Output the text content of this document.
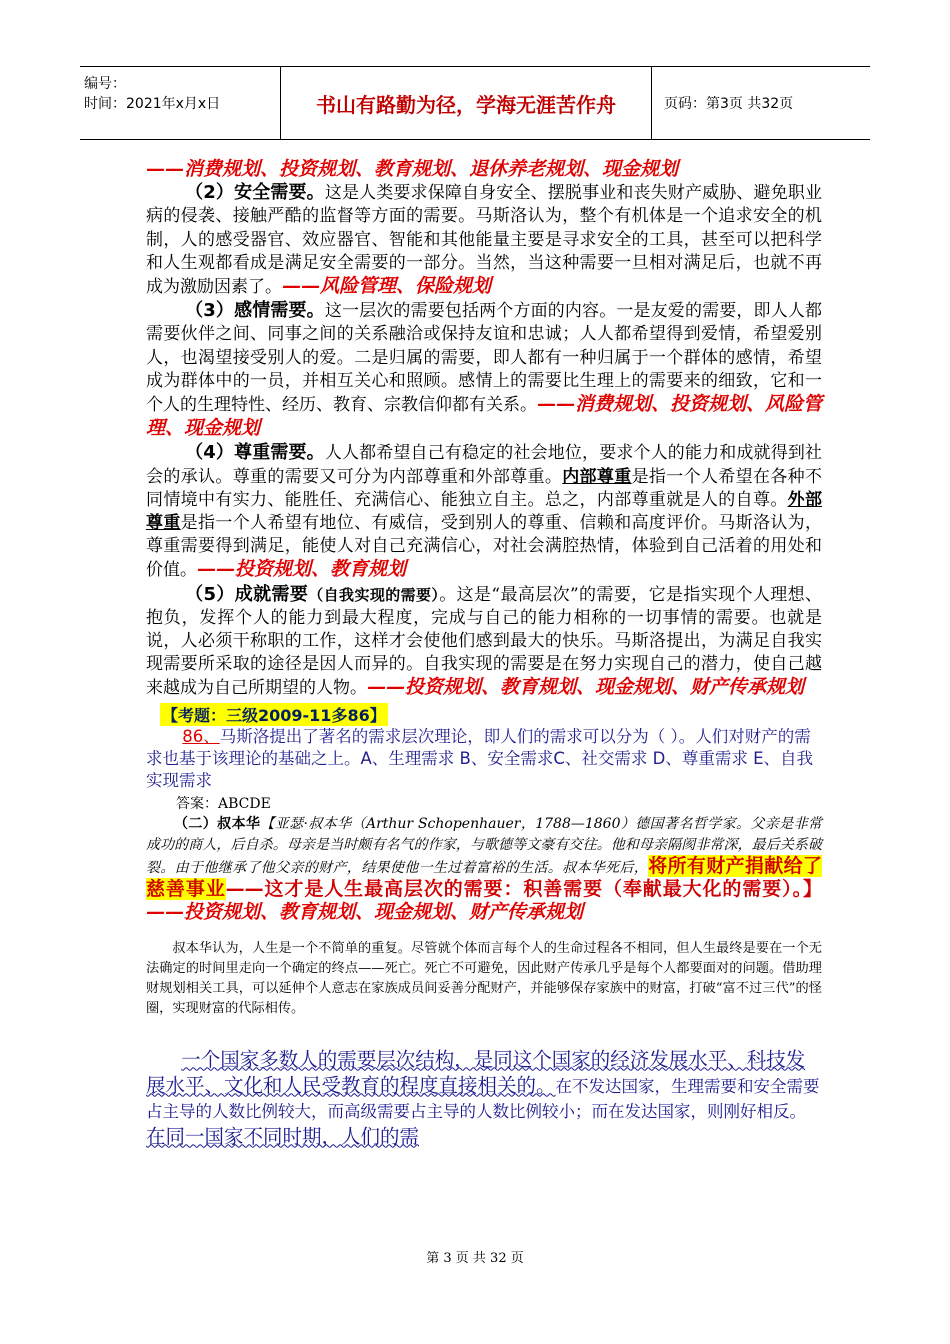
编号：
时间：2021年x月x日	书山有路勤为径，学海无涯苦作舟	页码：第3页 共32页

——消费规划、投资规划、教育规划、退休养老规划、现金规划

（2）安全需要。这是人类要求保障自身安全、摆脱事业和丧失财产威胁、避免职业病的侵袭、接触严酷的监督等方面的需要。马斯洛认为，整个有机体是一个追求安全的机制，人的感受器官、效应器官、智能和其他能量主要是寻求安全的工具，甚至可以把科学和人生观都看成是满足安全需要的一部分。当然，当这种需要一旦相对满足后，也就不再成为激励因素了。——风险管理、保险规划

（3）感情需要。这一层次的需要包括两个方面的内容。一是友爱的需要，即人人都需要伙伴之间、同事之间的关系融洽或保持友谊和忠诚；人人都希望得到爱情，希望爱别人，也渴望接受别人的爱。二是归属的需要，即人都有一种归属于一个群体的感情，希望成为群体中的一员，并相互关心和照顾。感情上的需要比生理上的需要来的细致，它和一个人的生理特性、经历、教育、宗教信仰都有关系。——消费规划、投资规划、风险管理、现金规划

（4）尊重需要。人人都希望自己有稳定的社会地位，要求个人的能力和成就得到社会的承认。尊重的需要又可分为内部尊重和外部尊重。内部尊重是指一个人希望在各种不同情境中有实力、能胜任、充满信心、能独立自主。总之，内部尊重就是人的自尊。外部尊重是指一个人希望有地位、有威信，受到别人的尊重、信赖和高度评价。马斯洛认为，尊重需要得到满足，能使人对自己充满信心，对社会满腔热情，体验到自己活着的用处和价值。——投资规划、教育规划

（5）成就需要（自我实现的需要）。这是“最高层次”的需要，它是指实现个人理想、抱负，发挥个人的能力到最大程度，完成与自己的能力相称的一切事情的需要。也就是说，人必须干称职的工作，这样才会使他们感到最大的快乐。马斯洛提出，为满足自我实现需要所采取的途径是因人而异的。自我实现的需要是在努力实现自己的潜力，使自己越来越成为自己所期望的人物。——投资规划、教育规划、现金规划、财产传承规划

【考题：三级2009-11多86】

86、马斯洛提出了著名的需求层次理论，即人们的需求可以分为（ ）。人们对财产的需求也基于该理论的基础之上。A、生理需求 B、安全需求C、社交需求 D、尊重需求 E、自我实现需求

答案：ABCDE

（二）叔本华【亚瑟·叔本华（Arthur Schopenhauer，1788—1860）德国著名哲学家。父亲是非常成功的商人，后自杀。母亲是当时颇有名气的作家，与歌德等文豪有交往。他和母亲隔阂非常深，最后关系破裂。由于他继承了他父亲的财产，结果使他一生过着富裕的生活。叔本华死后，将所有财产捐献给了慈善事业——这才是人生最高层次的需要：积善需要（奉献最大化的需要）。】——投资规划、教育规划、现金规划、财产传承规划

叔本华认为，人生是一个不简单的重复。尽管就个体而言每个人的生命过程各不相同，但人生最终是要在一个无法确定的时间里走向一个确定的终点——死亡。死亡不可避免，因此财产传承几乎是每个人都要面对的问题。借助理财规划相关工具，可以延伸个人意志在家族成员间妥善分配财产，并能够保存家族中的财富，打破“富不过三代”的怪圈，实现财富的代际相传。

一个国家多数人的需要层次结构，是同这个国家的经济发展水平、科技发展水平、文化和人民受教育的程度直接相关的。在不发达国家，生理需要和安全需要占主导的人数比例较大，而高级需要占主导的人数比例较小；而在发达国家，则刚好相反。在同一国家不同时期，人们的需

第 3 页 共 32 页
